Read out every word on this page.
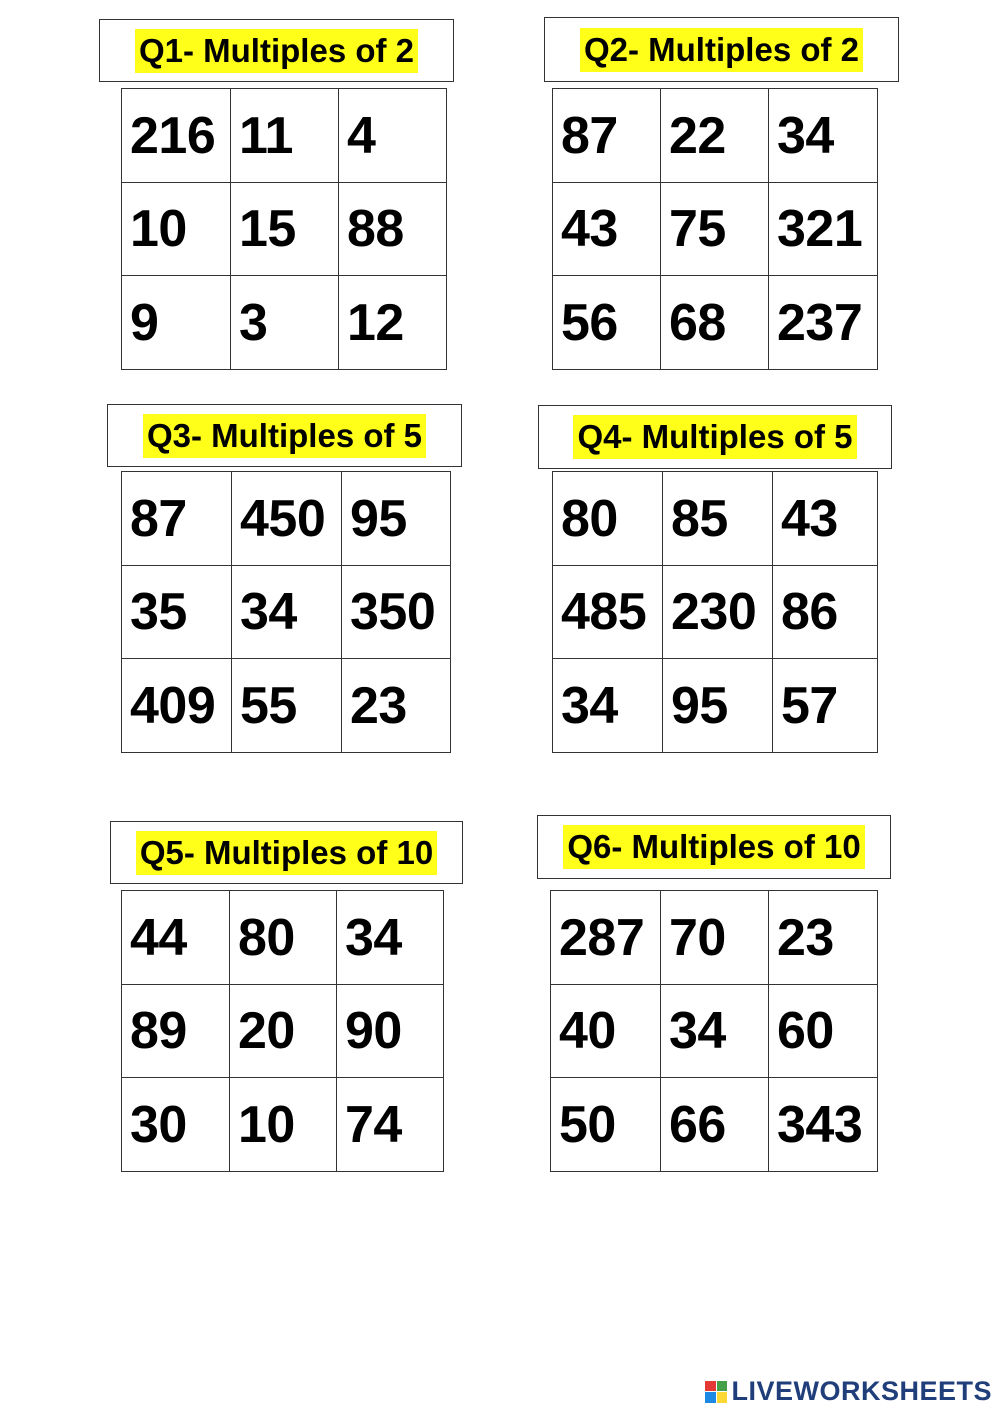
Q1- Multiples of 2
216	11	4
10	15	88
9	3	12
Q2- Multiples of 2
87	22	34
43	75	321
56	68	237
Q3- Multiples of 5
87	450	95
35	34	350
409	55	23
Q4- Multiples of 5
80	85	43
485	230	86
34	95	57
Q5- Multiples of 10
44	80	34
89	20	90
30	10	74
Q6- Multiples of 10
287	70	23
40	34	60
50	66	343
LIVEWORKSHEETS
